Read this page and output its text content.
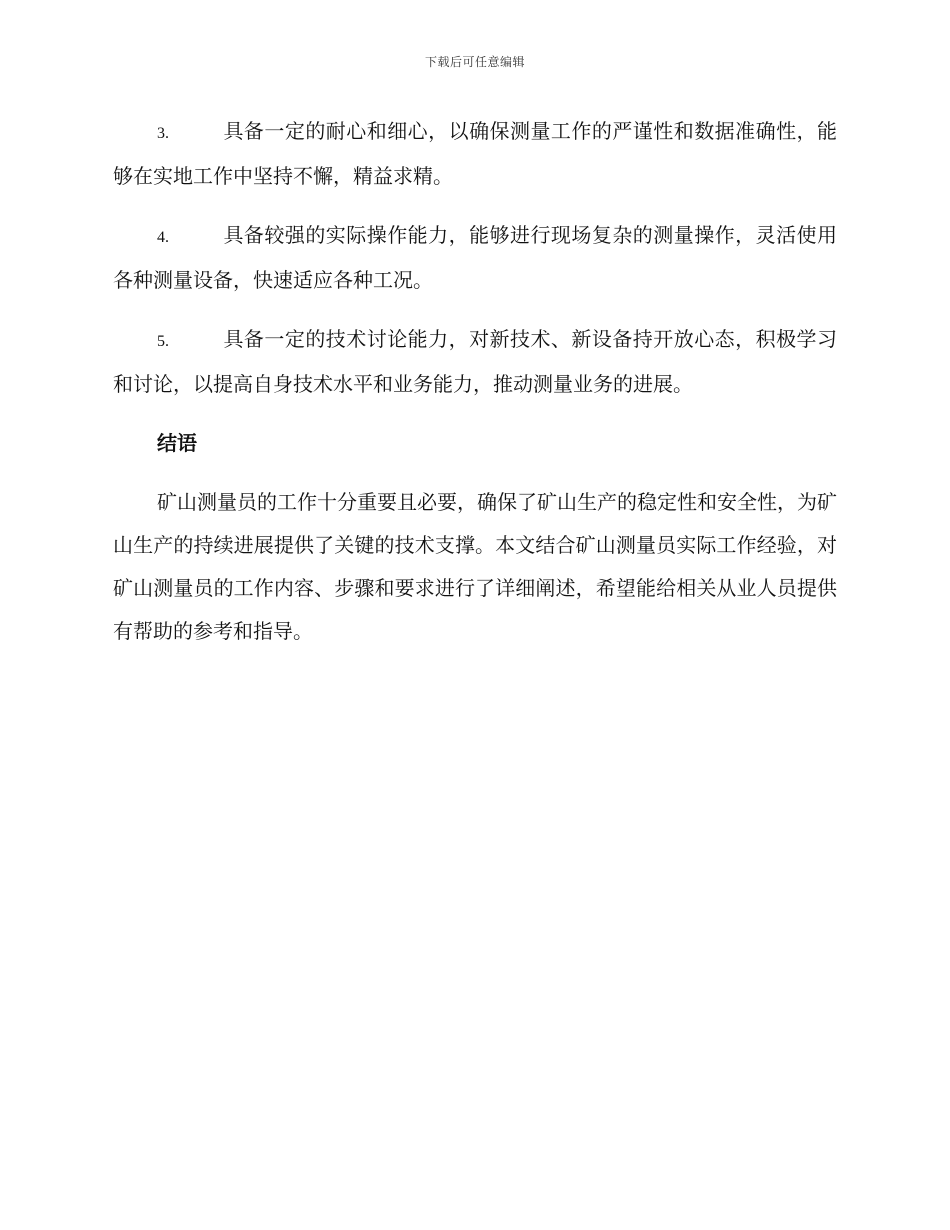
下载后可任意编辑

3.	具备一定的耐心和细心，以确保测量工作的严谨性和数据准确性，能够在实地工作中坚持不懈，精益求精。

4.	具备较强的实际操作能力，能够进行现场复杂的测量操作，灵活使用各种测量设备，快速适应各种工况。

5.	具备一定的技术讨论能力，对新技术、新设备持开放心态，积极学习和讨论，以提高自身技术水平和业务能力，推动测量业务的进展。

结语

矿山测量员的工作十分重要且必要，确保了矿山生产的稳定性和安全性，为矿山生产的持续进展提供了关键的技术支撑。本文结合矿山测量员实际工作经验，对矿山测量员的工作内容、步骤和要求进行了详细阐述，希望能给相关从业人员提供有帮助的参考和指导。
